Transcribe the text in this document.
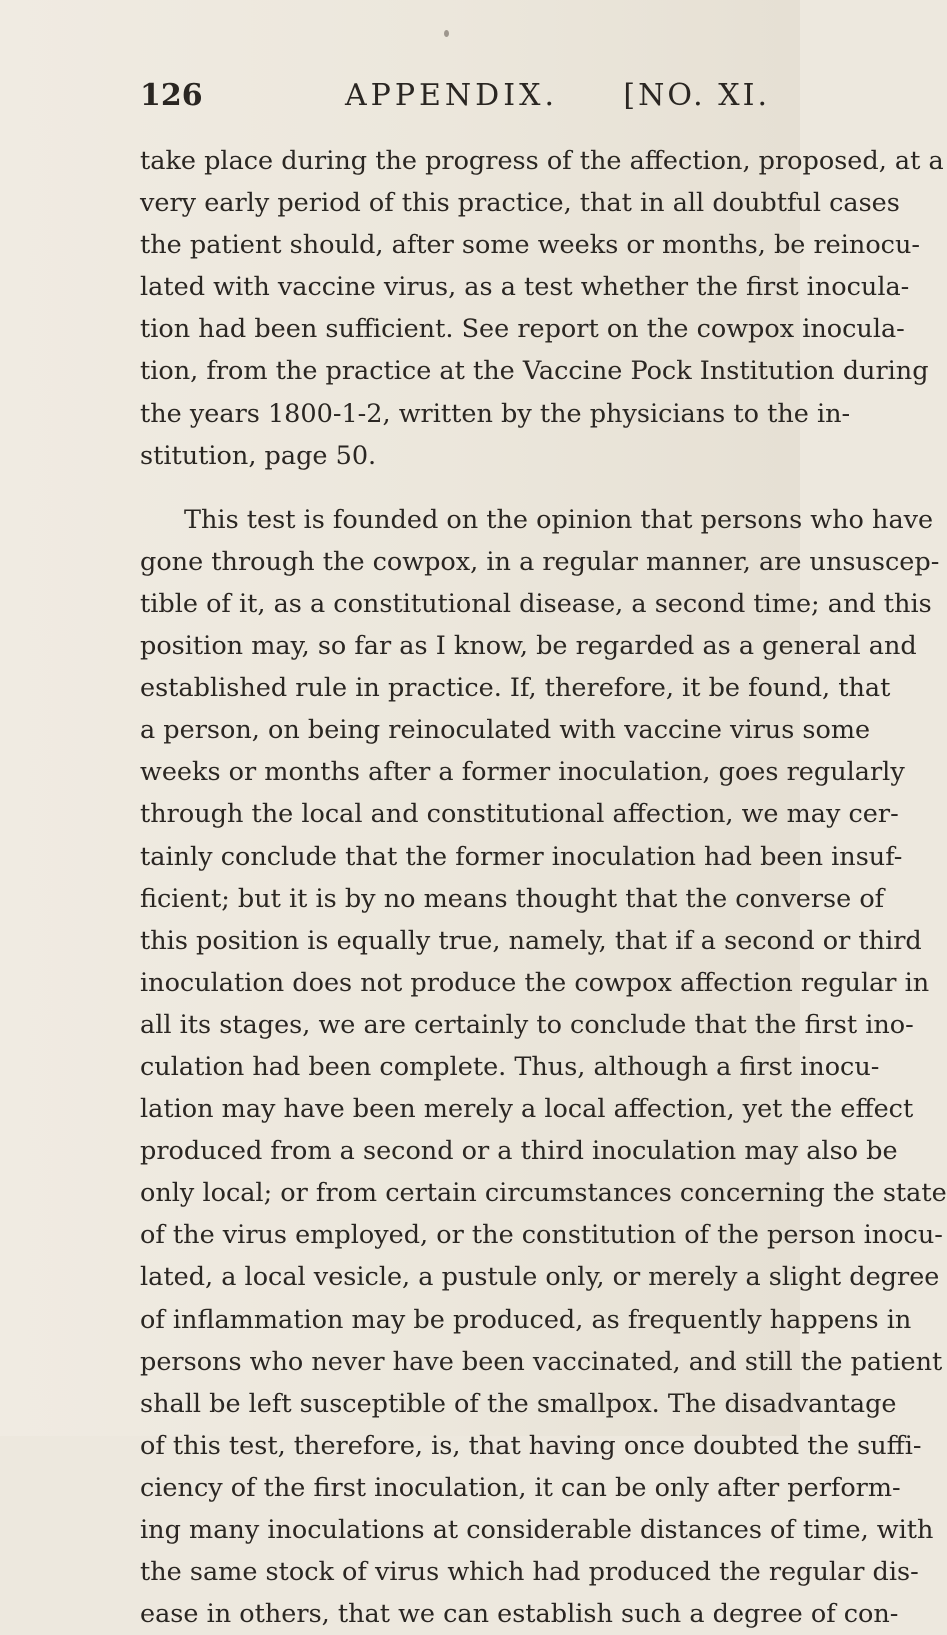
126	APPENDIX. [NO. XI.
take place during the progress of the affection, proposed, at a
very early period of this practice, that in all doubtful cases
the patient should, after some weeks or months, be reinocu-
lated with vaccine virus, as a test whether the first inocula-
tion had been sufficient. See report on the cowpox inocula-
tion, from the practice at the Vaccine Pock Institution during
the years 1800-1-2, written by the physicians to the in-
stitution, page 50.
This test is founded on the opinion that persons who have
gone through the cowpox, in a regular manner, are unsuscep-
tible of it, as a constitutional disease, a second time; and this
position may, so far as I know, be regarded as a general and
established rule in practice. If, therefore, it be found, that
a person, on being reinoculated with vaccine virus some
weeks or months after a former inoculation, goes regularly
through the local and constitutional affection, we may cer-
tainly conclude that the former inoculation had been insuf-
ficient; but it is by no means thought that the converse of
this position is equally true, namely, that if a second or third
inoculation does not produce the cowpox affection regular in
all its stages, we are certainly to conclude that the first ino-
culation had been complete. Thus, although a first inocu-
lation may have been merely a local affection, yet the effect
produced from a second or a third inoculation may also be
only local; or from certain circumstances concerning the state
of the virus employed, or the constitution of the person inocu-
lated, a local vesicle, a pustule only, or merely a slight degree
of inflammation may be produced, as frequently happens in
persons who never have been vaccinated, and still the patient
shall be left susceptible of the smallpox. The disadvantage
of this test, therefore, is, that having once doubted the suffi-
ciency of the first inoculation, it can be only after perform-
ing many inoculations at considerable distances of time, with
the same stock of virus which had produced the regular dis-
ease in others, that we can establish such a degree of con-
